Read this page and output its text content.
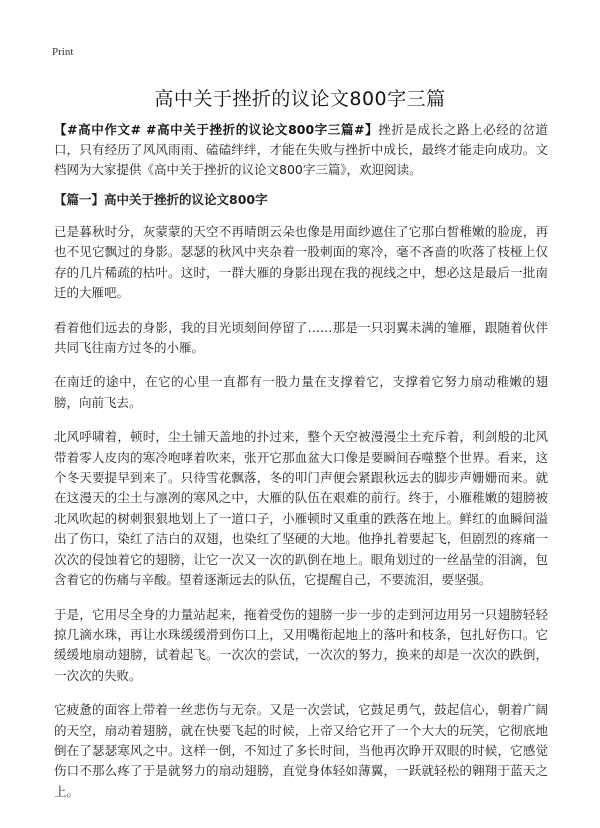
Print
高中关于挫折的议论文800字三篇

【#高中作文# #高中关于挫折的议论文800字三篇#】挫折是成长之路上必经的岔道口，只有经历了风风雨雨、磕磕绊绊，才能在失败与挫折中成长，最终才能走向成功。文档网为大家提供《高中关于挫折的议论文800字三篇》，欢迎阅读。

【篇一】高中关于挫折的议论文800字

已是暮秋时分，灰蒙蒙的天空不再晴朗云朵也像是用面纱遮住了它那白皙稚嫩的脸庞，再也不见它飘过的身影。瑟瑟的秋风中夹杂着一股刺面的寒冷，毫不吝啬的吹落了枝桠上仅存的几片稀疏的枯叶。这时，一群大雁的身影出现在我的视线之中，想必这是最后一批南迁的大雁吧。

看着他们远去的身影，我的目光顷刻间停留了……那是一只羽翼未满的雏雁，跟随着伙伴共同飞往南方过冬的小雁。

在南迁的途中，在它的心里一直都有一股力量在支撑着它，支撑着它努力扇动稚嫩的翅膀，向前飞去。

北风呼啸着，顿时，尘土铺天盖地的扑过来，整个天空被漫漫尘土充斥着，利剑般的北风带着零人皮肉的寒冷咆哮着吹来，张开它那血盆大口像是要瞬间吞噬整个世界。看来，这个冬天要提早到来了。只待雪花飘落，冬的叩门声便会紧跟秋远去的脚步声姗姗而来。就在这漫天的尘土与凛冽的寒风之中，大雁的队伍在艰难的前行。终于，小雁稚嫩的翅膀被北风吹起的树刺狠狠地划上了一道口子，小雁顿时又重重的跌落在地上。鲜红的血瞬间溢出了伤口，染红了洁白的双翅，也染红了坚硬的大地。他挣扎着要起飞，但剧烈的疼痛一次次的侵蚀着它的翅膀，让它一次又一次的趴倒在地上。眼角划过的一丝晶莹的泪滴，包含着它的伤痛与辛酸。望着逐渐远去的队伍，它提醒自己，不要流泪，要坚强。

于是，它用尽全身的力量站起来，拖着受伤的翅膀一步一步的走到河边用另一只翅膀轻轻掠几滴水珠，再让水珠缓缓滑到伤口上，又用嘴衔起地上的落叶和枝条，包扎好伤口。它缓缓地扇动翅膀，试着起飞。一次次的尝试，一次次的努力，换来的却是一次次的跌倒，一次次的失败。

它疲惫的面容上带着一丝悲伤与无奈。又是一次尝试，它鼓足勇气，鼓起信心，朝着广阔的天空，扇动着翅膀，就在快要飞起的时候，上帝又给它开了一个大大的玩笑，它彻底地倒在了瑟瑟寒风之中。这样一倒，不知过了多长时间，当他再次睁开双眼的时候，它感觉伤口不那么疼了于是就努力的扇动翅膀，直觉身体轻如薄翼，一跃就轻松的翱翔于蓝天之上。
